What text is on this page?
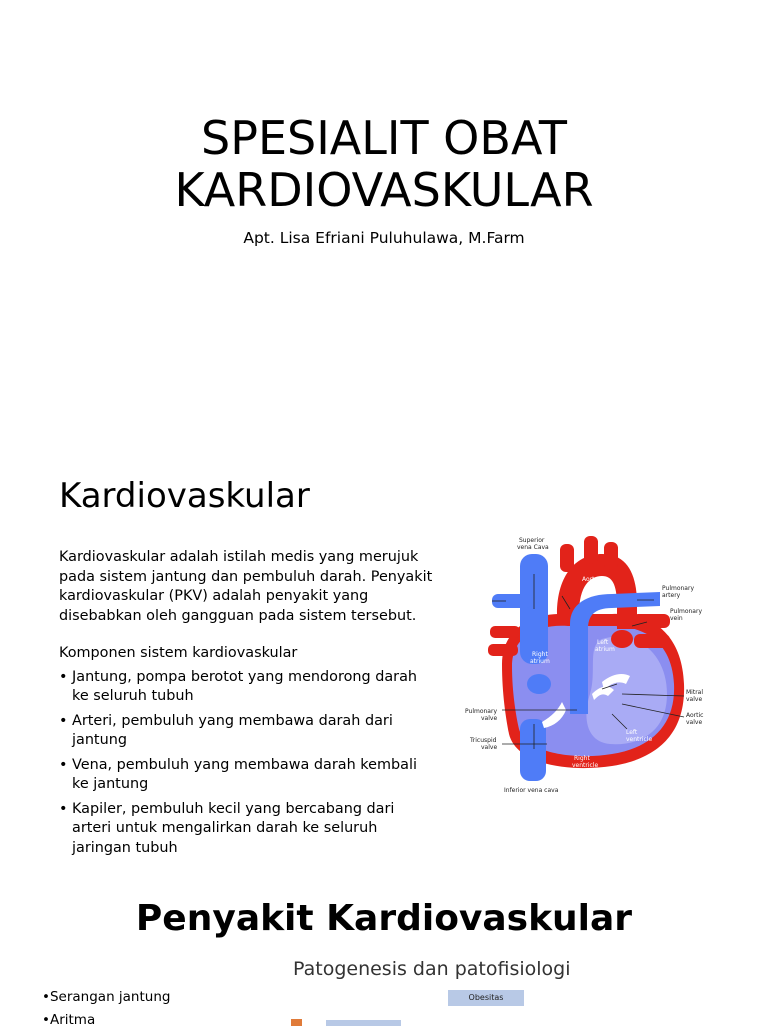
SPESIALIT OBAT
KARDIOVASKULAR
Apt. Lisa Efriani Puluhulawa, M.Farm
Kardiovaskular

Kardiovaskular adalah istilah medis yang merujuk pada sistem jantung dan pembuluh darah. Penyakit kardiovaskular (PKV) adalah penyakit yang disebabkan oleh gangguan pada sistem tersebut.

Komponen sistem kardiovaskular
• Jantung, pompa berotot yang mendorong darah ke seluruh tubuh
• Arteri, pembuluh yang membawa darah dari jantung
• Vena, pembuluh yang membawa darah kembali ke jantung
• Kapiler, pembuluh kecil yang bercabang dari arteri untuk mengalirkan darah ke seluruh jaringan tubuh
Superior
vena Cava
Aorta
Pulmonary
artery
Pulmonary
vein
Left
atrium
Right
atrium
Mitral
valve
Pulmonary
valve	Aortic
valve
Left
ventricle
Tricuspid
valve
Right
ventricle
Inferior vena cava
Penyakit Kardiovaskular
Patogenesis dan patofisiologi
• Serangan jantung
• Aritma
Obesitas
